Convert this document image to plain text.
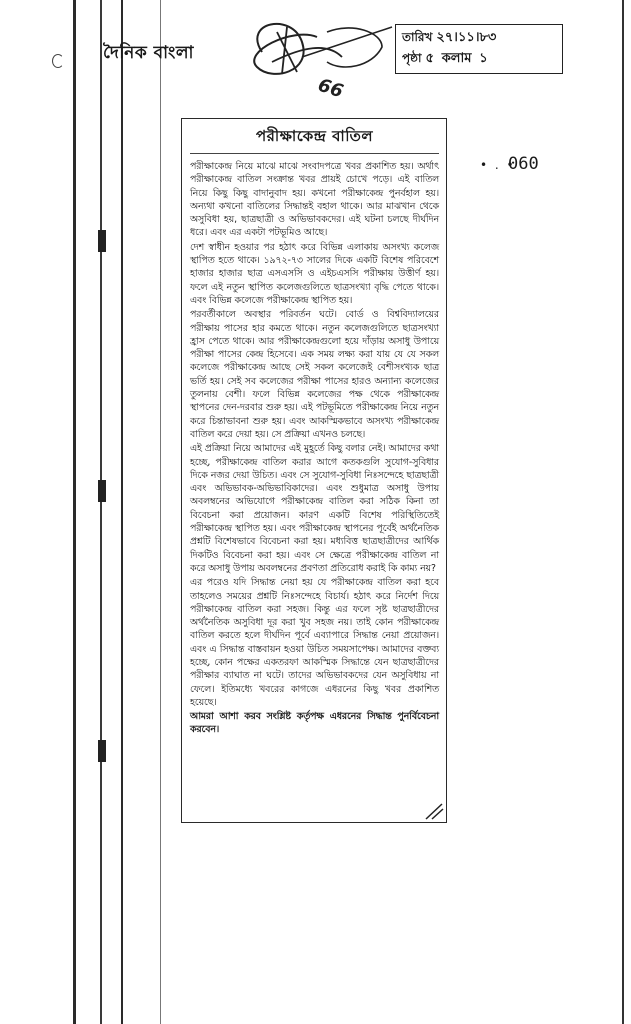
দৈনিক বাংলা
66
তারিখ ২৭।১১।৮৩
পৃষ্ঠা ৫ কলাম ১
• . •
060
পরীক্ষাকেন্দ্র বাতিল

পরীক্ষাকেন্দ্র নিয়ে মাঝে মাঝে সংবাদপত্রে খবর প্রকাশিত হয়। অর্থাৎ পরীক্ষাকেন্দ্র বাতিল সংক্রান্ত খবর প্রায়ই চোখে পড়ে। এই বাতিল নিয়ে কিছু কিছু বাদানুবাদ হয়। কখনো পরীক্ষাকেন্দ্র পুনর্বহাল হয়। অন্যথা কখনো বাতিলের সিদ্ধান্তই বহাল থাকে। আর মাঝখান থেকে অসুবিধা হয়, ছাত্রছাত্রী ও অভিভাবকদের। এই ঘটনা চলছে দীর্ঘদিন ধরে। এবং এর একটা পটভূমিও আছে।

দেশ স্বাধীন হওয়ার পর হঠাৎ করে বিভিন্ন এলাকায় অসংখ্য কলেজ স্থাপিত হতে থাকে। ১৯৭২-৭৩ সালের দিকে একটি বিশেষ পরিবেশে হাজার হাজার ছাত্র এসএসসি ও এইচএসসি পরীক্ষায় উত্তীর্ণ হয়। ফলে এই নতুন স্থাপিত কলেজগুলিতে ছাত্রসংখ্যা বৃদ্ধি পেতে থাকে। এবং বিভিন্ন কলেজে পরীক্ষাকেন্দ্র স্থাপিত হয়।

পরবর্তীকালে অবস্থার পরিবর্তন ঘটে। বোর্ড ও বিশ্ববিদ্যালয়ের পরীক্ষায় পাসের হার কমতে থাকে। নতুন কলেজগুলিতে ছাত্রসংখ্যা হ্রাস পেতে থাকে। আর পরীক্ষাকেন্দ্রগুলো হয়ে দাঁড়ায় অসাধু উপায়ে পরীক্ষা পাসের কেন্দ্র হিসেবে। এক সময় লক্ষ্য করা যায় যে যে সকল কলেজে পরীক্ষাকেন্দ্র আছে সেই সকল কলেজেই বেশীসংখ্যক ছাত্র ভর্তি হয়। সেই সব কলেজের পরীক্ষা পাসের হারও অন্যান্য কলেজের তুলনায় বেশী। ফলে বিভিন্ন কলেজের পক্ষ থেকে পরীক্ষাকেন্দ্র স্থাপনের দেন-দরবার শুরু হয়। এই পটভূমিতে পরীক্ষাকেন্দ্র নিয়ে নতুন করে চিন্তাভাবনা শুরু হয়। এবং আকস্মিকভাবে অসংখ্য পরীক্ষাকেন্দ্র বাতিল করে দেয়া হয়। সে প্রক্রিয়া এখনও চলছে।

এই প্রক্রিয়া নিয়ে আমাদের এই মুহূর্তে কিছু বলার নেই। আমাদের কথা হচ্ছে, পরীক্ষাকেন্দ্র বাতিল করার আগে কতকগুলি সুযোগ-সুবিধার দিকে নজর দেয়া উচিত। এবং সে সুযোগ-সুবিধা নিঃসন্দেহে ছাত্রছাত্রী এবং অভিভাবক-অভিভাবিকাদের। এবং শুধুমাত্র অসাধু উপায় অবলম্বনের অভিযোগে পরীক্ষাকেন্দ্র বাতিল করা সঠিক কিনা তা বিবেচনা করা প্রয়োজন। কারণ একটি বিশেষ পরিস্থিতিতেই পরীক্ষাকেন্দ্র স্থাপিত হয়। এবং পরীক্ষাকেন্দ্র স্থাপনের পূর্বেই অর্থনৈতিক প্রশ্নটি বিশেষভাবে বিবেচনা করা হয়। মধ্যবিত্ত ছাত্রছাত্রীদের আর্থিক দিকটিও বিবেচনা করা হয়। এবং সে ক্ষেত্রে পরীক্ষাকেন্দ্র বাতিল না করে অসাধু উপায় অবলম্বনের প্রবণতা প্রতিরোধ করাই কি কাম্য নয়?

এর পরেও যদি সিদ্ধান্ত নেয়া হয় যে পরীক্ষাকেন্দ্র বাতিল করা হবে তাহলেও সময়ের প্রশ্নটি নিঃসন্দেহে বিচার্য। হঠাৎ করে নির্দেশ দিয়ে পরীক্ষাকেন্দ্র বাতিল করা সহজ। কিন্তু এর ফলে সৃষ্ট ছাত্রছাত্রীদের অর্থনৈতিক অসুবিধা দূর করা খুব সহজ নয়। তাই কোন পরীক্ষাকেন্দ্র বাতিল করতে হলে দীর্ঘদিন পূর্বে এব্যাপারে সিদ্ধান্ত নেয়া প্রয়োজন। এবং এ সিদ্ধান্ত বাস্তবায়ন হওয়া উচিত সময়সাপেক্ষ। আমাদের বক্তব্য হচ্ছে, কোন পক্ষের একতরফা আকস্মিক সিদ্ধান্তে যেন ছাত্রছাত্রীদের পরীক্ষার ব্যাঘাত না ঘটে। তাদের অভিভাবকদের যেন অসুবিধায় না ফেলে। ইতিমধ্যে খবরের কাগজে এধরনের কিছু খবর প্রকাশিত হয়েছে।

আমরা আশা করব সংশ্লিষ্ট কর্তৃপক্ষ এধরনের সিদ্ধান্ত পুনর্বিবেচনা করবেন।
